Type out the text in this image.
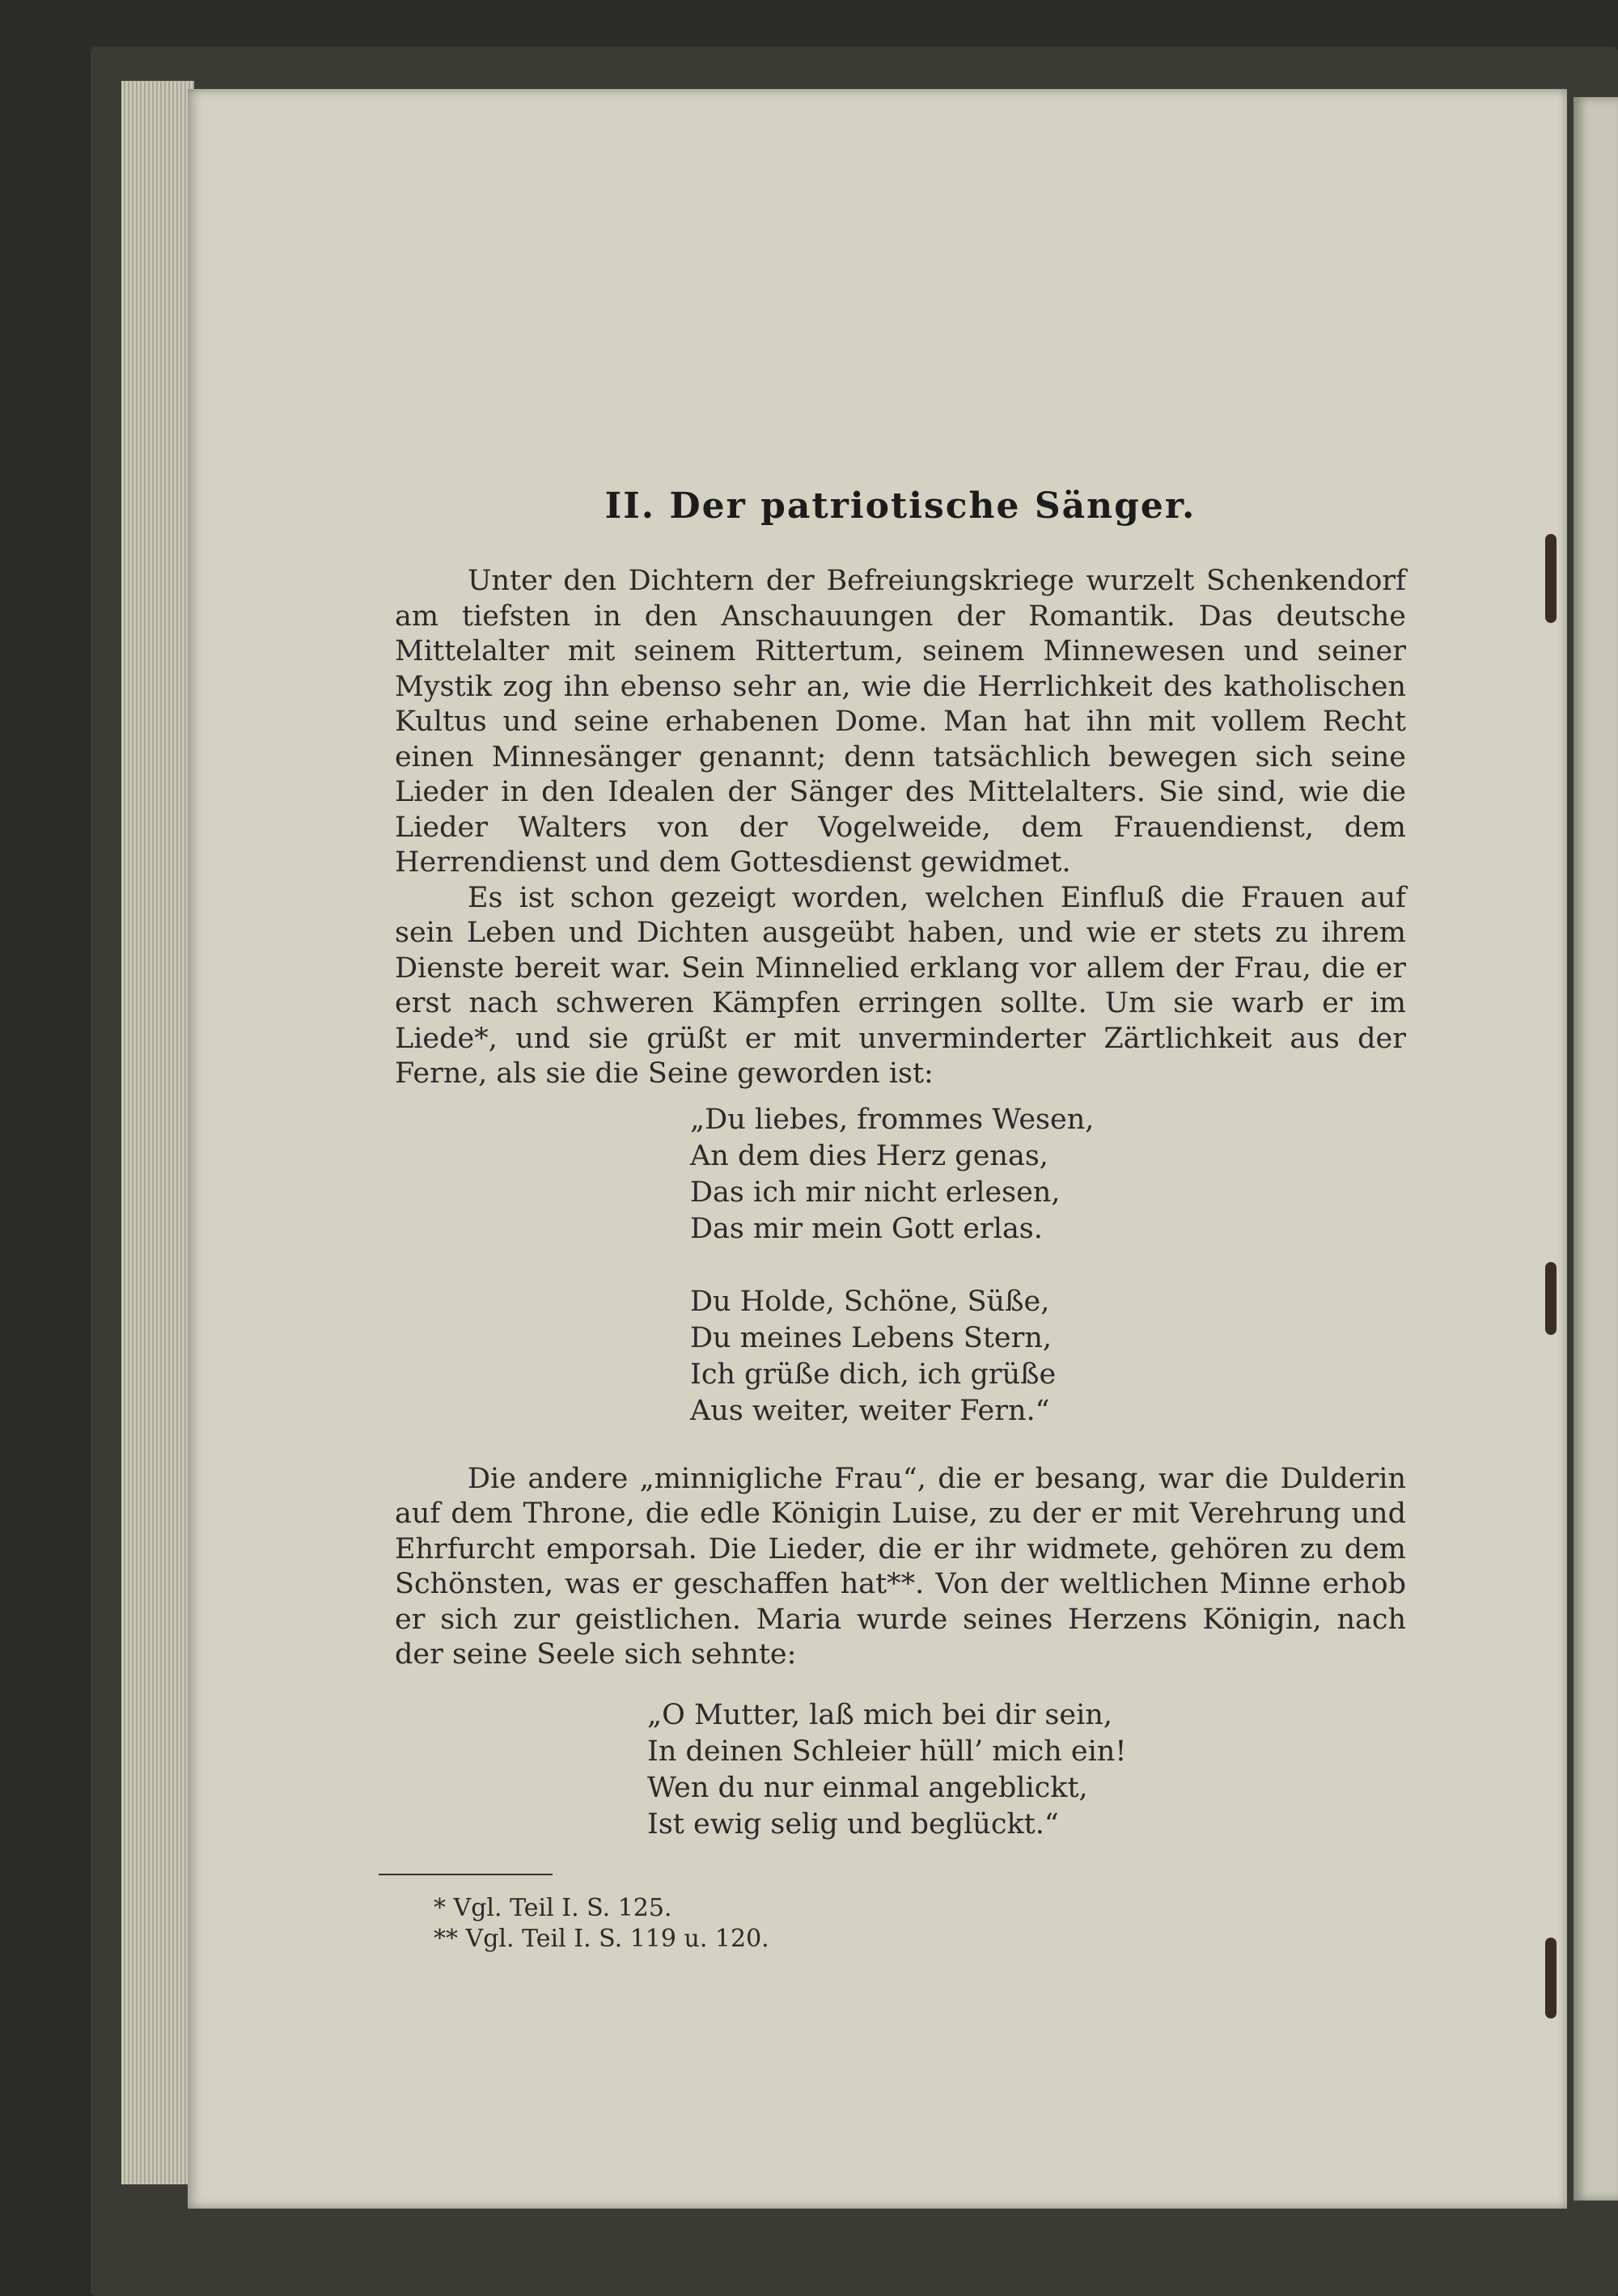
II. Der patriotische Sänger.

Unter den Dichtern der Befreiungskriege wurzelt Schenkendorf am tiefsten in den Anschauungen der Romantik. Das deutsche Mittelalter mit seinem Rittertum, seinem Minnewesen und seiner Mystik zog ihn ebenso sehr an, wie die Herrlichkeit des katholischen Kultus und seine erhabenen Dome. Man hat ihn mit vollem Recht einen Minnesänger genannt; denn tatsächlich bewegen sich seine Lieder in den Idealen der Sänger des Mittelalters. Sie sind, wie die Lieder Walters von der Vogelweide, dem Frauendienst, dem Herrendienst und dem Gottesdienst gewidmet.

Es ist schon gezeigt worden, welchen Einfluß die Frauen auf sein Leben und Dichten ausgeübt haben, und wie er stets zu ihrem Dienste bereit war. Sein Minnelied erklang vor allem der Frau, die er erst nach schweren Kämpfen erringen sollte. Um sie warb er im Liede*, und sie grüßt er mit unverminderter Zärtlichkeit aus der Ferne, als sie die Seine geworden ist:

„Du liebes, frommes Wesen,
An dem dies Herz genas,
Das ich mir nicht erlesen,
Das mir mein Gott erlas.
Du Holde, Schöne, Süße,
Du meines Lebens Stern,
Ich grüße dich, ich grüße
Aus weiter, weiter Fern.“

Die andere „minnigliche Frau“, die er besang, war die Dulderin auf dem Throne, die edle Königin Luise, zu der er mit Verehrung und Ehrfurcht emporsah. Die Lieder, die er ihr widmete, gehören zu dem Schönsten, was er geschaffen hat**. Von der weltlichen Minne erhob er sich zur geistlichen. Maria wurde seines Herzens Königin, nach der seine Seele sich sehnte:

„O Mutter, laß mich bei dir sein,
In deinen Schleier hüll’ mich ein!
Wen du nur einmal angeblickt,
Ist ewig selig und beglückt.“
* Vgl. Teil I. S. 125.
** Vgl. Teil I. S. 119 u. 120.
